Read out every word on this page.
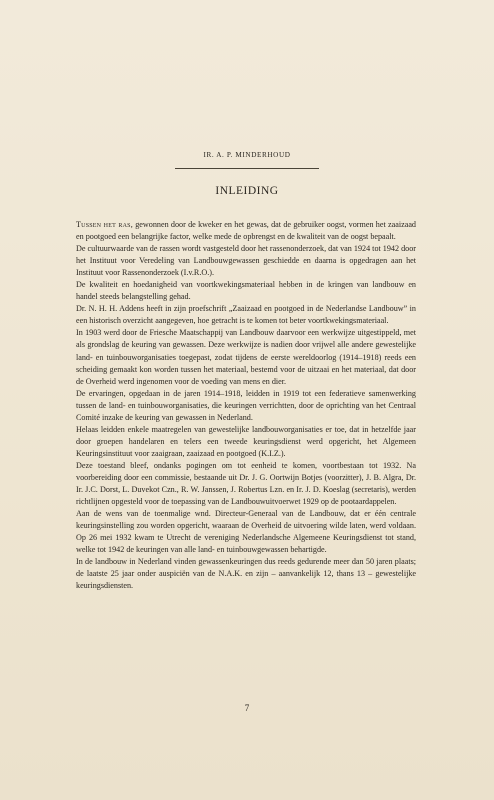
IR. A. P. MINDERHOUD
INLEIDING

Tussen het ras, gewonnen door de kweker en het gewas, dat de gebruiker oogst, vormen het zaaizaad en pootgoed een belangrijke factor, welke mede de opbrengst en de kwaliteit van de oogst bepaalt.

De cultuurwaarde van de rassen wordt vastgesteld door het rassenonderzoek, dat van 1924 tot 1942 door het Instituut voor Veredeling van Landbouwgewassen geschiedde en daarna is opgedragen aan het Instituut voor Rassenonderzoek (I.v.R.O.).

De kwaliteit en hoedanigheid van voortkwekingsmateriaal hebben in de kringen van landbouw en handel steeds belangstelling gehad.

Dr. N. H. H. Addens heeft in zijn proefschrift „Zaaizaad en pootgoed in de Nederlandse Landbouw” in een historisch overzicht aangegeven, hoe getracht is te komen tot beter voortkwekingsmateriaal.

In 1903 werd door de Friesche Maatschappij van Landbouw daarvoor een werkwijze uitgestippeld, met als grondslag de keuring van gewassen. Deze werkwijze is nadien door vrijwel alle andere gewestelijke land- en tuinbouworganisaties toegepast, zodat tijdens de eerste wereldoorlog (1914–1918) reeds een scheiding gemaakt kon worden tussen het materiaal, bestemd voor de uitzaai en het materiaal, dat door de Overheid werd ingenomen voor de voeding van mens en dier.

De ervaringen, opgedaan in de jaren 1914–1918, leidden in 1919 tot een federatieve samenwerking tussen de land- en tuinbouworganisaties, die keuringen verrichtten, door de oprichting van het Centraal Comité inzake de keuring van gewassen in Nederland.

Helaas leidden enkele maatregelen van gewestelijke landbouworganisaties er toe, dat in hetzelfde jaar door groepen handelaren en telers een tweede keuringsdienst werd opgericht, het Algemeen Keuringsinstituut voor zaaigraan, zaaizaad en pootgoed (K.I.Z.).

Deze toestand bleef, ondanks pogingen om tot eenheid te komen, voortbestaan tot 1932. Na voorbereiding door een commissie, bestaande uit Dr. J. G. Oortwijn Botjes (voorzitter), J. B. Algra, Dr. Ir. J.C. Dorst, L. Duvekot Czn., R. W. Janssen, J. Robertus Lzn. en Ir. J. D. Koeslag (secretaris), werden richtlijnen opgesteld voor de toepassing van de Landbouwuitvoerwet 1929 op de pootaardappelen.

Aan de wens van de toenmalige wnd. Directeur-Generaal van de Landbouw, dat er één centrale keuringsinstelling zou worden opgericht, waaraan de Overheid de uitvoering wilde laten, werd voldaan. Op 26 mei 1932 kwam te Utrecht de vereniging Nederlandsche Algemeene Keuringsdienst tot stand, welke tot 1942 de keuringen van alle land- en tuinbouwgewassen behartigde.

In de landbouw in Nederland vinden gewassenkeuringen dus reeds gedurende meer dan 50 jaren plaats; de laatste 25 jaar onder auspiciën van de N.A.K. en zijn – aanvankelijk 12, thans 13 – gewestelijke keuringsdiensten.

7
